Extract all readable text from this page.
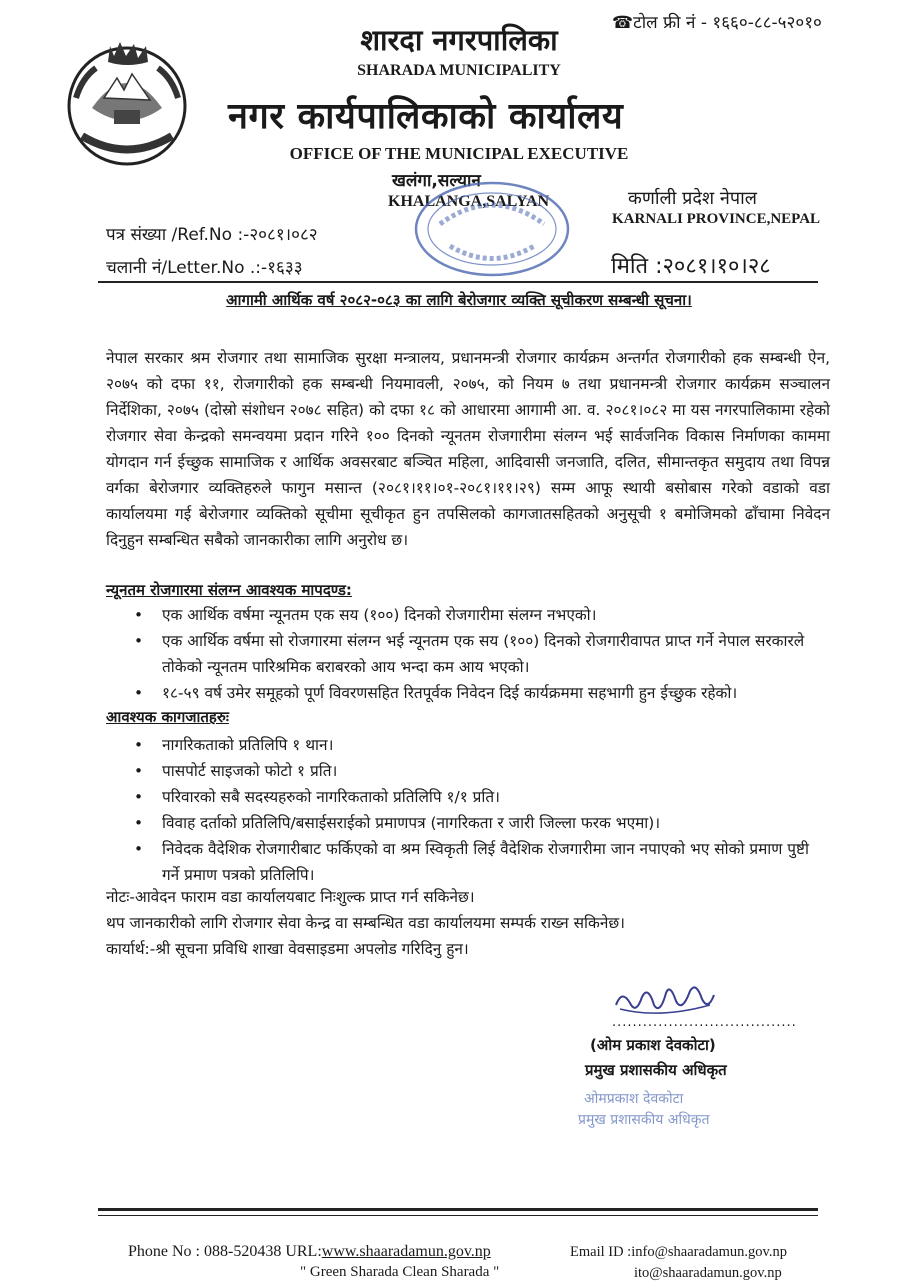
☎टोल फ्री नं - १६६०-८८-५२०१०
शारदा नगरपालिका
SHARADA MUNICIPALITY
नगर कार्यपालिकाको कार्यालय
OFFICE OF THE MUNICIPAL EXECUTIVE
खलंगा,सल्यान
KHALANGA,SALYAN	कर्णाली प्रदेश नेपाल
KARNALI PROVINCE,NEPAL
पत्र संख्या /Ref.No :-२०८१।०८२
चलानी नं/Letter.No .:-१६३३	मिति :२०८१।१०।२८
आगामी आर्थिक वर्ष २०८२-०८३ का लागि बेरोजगार व्यक्ति सूचीकरण सम्बन्धी सूचना।
नेपाल सरकार श्रम रोजगार तथा सामाजिक सुरक्षा मन्त्रालय, प्रधानमन्त्री रोजगार कार्यक्रम अन्तर्गत रोजगारीको हक सम्बन्धी ऐन, २०७५ को दफा ११, रोजगारीको हक सम्बन्धी नियमावली, २०७५, को नियम ७ तथा प्रधानमन्त्री रोजगार कार्यक्रम सञ्चालन निर्देशिका, २०७५ (दोस्रो संशोधन २०७८ सहित) को दफा १८ को आधारमा आगामी आ. व. २०८१।०८२ मा यस नगरपालिकामा रहेको रोजगार सेवा केन्द्रको समन्वयमा प्रदान गरिने १०० दिनको न्यूनतम रोजगारीमा संलग्न भई सार्वजनिक विकास निर्माणका काममा योगदान गर्न ईच्छुक सामाजिक र आर्थिक अवसरबाट बञ्चित महिला, आदिवासी जनजाति, दलित, सीमान्तकृत समुदाय तथा विपन्न वर्गका बेरोजगार व्यक्तिहरुले फागुन मसान्त (२०८१।११।०१-२०८१।११।२९) सम्म आफू स्थायी बसोबास गरेको वडाको वडा कार्यालयमा गई बेरोजगार व्यक्तिको सूचीमा सूचीकृत हुन तपसिलको कागजातसहितको अनुसूची १ बमोजिमको ढाँचामा निवेदन दिनुहुन सम्बन्धित सबैको जानकारीका लागि अनुरोध छ।
न्यूनतम रोजगारमा संलग्न आवश्यक मापदण्ड:
• एक आर्थिक वर्षमा न्यूनतम एक सय (१००) दिनको रोजगारीमा संलग्न नभएको।
• एक आर्थिक वर्षमा सो रोजगारमा संलग्न भई न्यूनतम एक सय (१००) दिनको रोजगारीवापत प्राप्त गर्ने नेपाल सरकारले तोकेको न्यूनतम पारिश्रमिक बराबरको आय भन्दा कम आय भएको।
• १८-५९ वर्ष उमेर समूहको पूर्ण विवरणसहित रितपूर्वक निवेदन दिई कार्यक्रममा सहभागी हुन ईच्छुक रहेको।
आवश्यक कागजातहरुः
• नागरिकताको प्रतिलिपि १ थान।
• पासपोर्ट साइजको फोटो १ प्रति।
• परिवारको सबै सदस्यहरुको नागरिकताको प्रतिलिपि १/१ प्रति।
• विवाह दर्ताको प्रतिलिपि/बसाईसराईको प्रमाणपत्र (नागरिकता र जारी जिल्ला फरक भएमा)।
• निवेदक वैदेशिक रोजगारीबाट फर्किएको वा श्रम स्विकृती लिई वैदेशिक रोजगारीमा जान नपाएको भए सोको प्रमाण पुष्टी गर्ने प्रमाण पत्रको प्रतिलिपि।
नोटः-आवेदन फाराम वडा कार्यालयबाट निःशुल्क प्राप्त गर्न सकिनेछ।
थप जानकारीको लागि रोजगार सेवा केन्द्र वा सम्बन्धित वडा कार्यालयमा सम्पर्क राख्न सकिनेछ।
कार्यार्थ:-श्री सूचना प्रविधि शाखा वेवसाइडमा अपलोड गरिदिनु हुन।
....................................
(ओम प्रकाश देवकोटा)
प्रमुख प्रशासकीय अधिकृत
ओमप्रकाश देवकोटा
प्रमुख प्रशासकीय अधिकृत
Phone No : 088-520438 URL:www.shaaradamun.gov.np	Email ID :info@shaaradamun.gov.np
" Green Sharada Clean Sharada "	ito@shaaradamun.gov.np
